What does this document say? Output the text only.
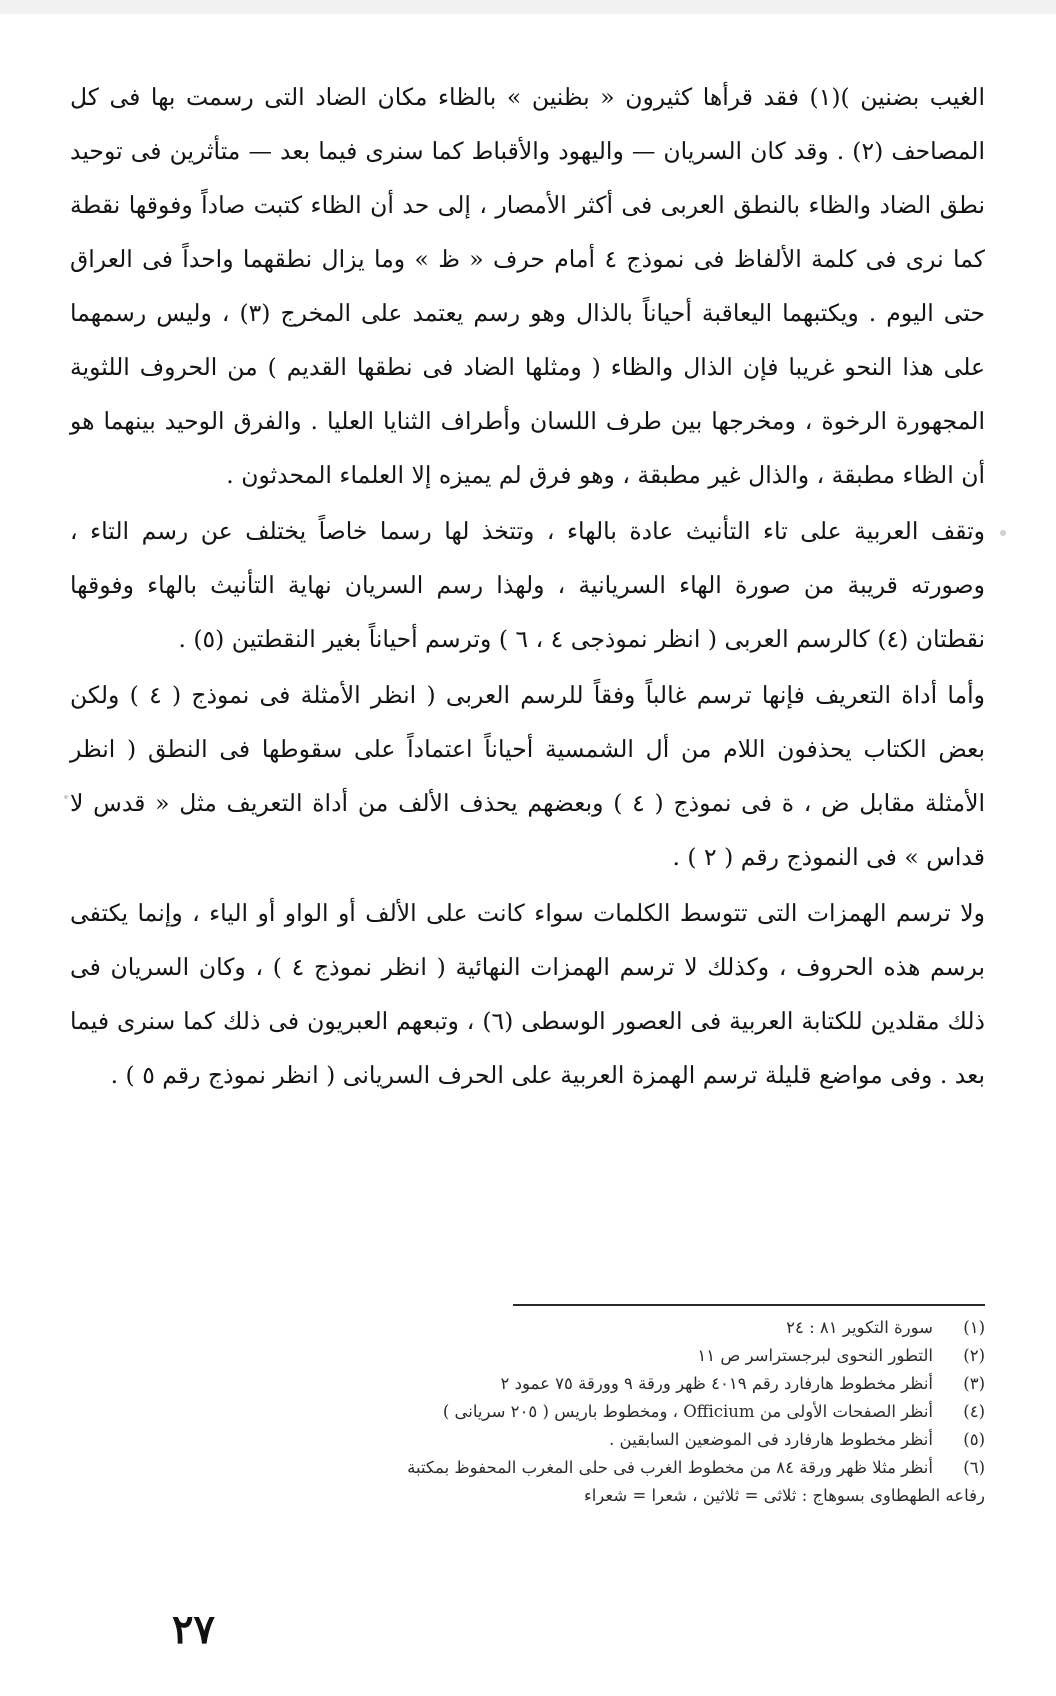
الغيب بضنين )(١) فقد قرأها كثيرون « بظنين » بالظاء مكان الضاد التى رسمت بها فى كل المصاحف (٢) . وقد كان السريان — واليهود والأقباط كما سنرى فيما بعد — متأثرين فى توحيد نطق الضاد والظاء بالنطق العربى فى أكثر الأمصار ، إلى حد أن الظاء كتبت صاداً وفوقها نقطة كما نرى فى كلمة الألفاظ فى نموذج ٤ أمام حرف « ظ » وما يزال نطقهما واحداً فى العراق حتى اليوم . ويكتبهما اليعاقبة أحياناً بالذال وهو رسم يعتمد على المخرج (٣) ، وليس رسمهما على هذا النحو غريبا فإن الذال والظاء ( ومثلها الضاد فى نطقها القديم ) من الحروف اللثوية المجهورة الرخوة ، ومخرجها بين طرف اللسان وأطراف الثنايا العليا . والفرق الوحيد بينهما هو أن الظاء مطبقة ، والذال غير مطبقة ، وهو فرق لم يميزه إلا العلماء المحدثون .

وتقف العربية على تاء التأنيث عادة بالهاء ، وتتخذ لها رسما خاصاً يختلف عن رسم التاء ، وصورته قريبة من صورة الهاء السريانية ، ولهذا رسم السريان نهاية التأنيث بالهاء وفوقها نقطتان (٤) كالرسم العربى ( انظر نموذجى ٤ ، ٦ ) وترسم أحياناً بغير النقطتين (٥) .

وأما أداة التعريف فإنها ترسم غالباً وفقاً للرسم العربى ( انظر الأمثلة فى نموذج ( ٤ ) ولكن بعض الكتاب يحذفون اللام من أل الشمسية أحياناً اعتماداً على سقوطها فى النطق ( انظر الأمثلة مقابل ض ، ة فى نموذج ( ٤ ) وبعضهم يحذف الألف من أداة التعريف مثل « قدس لا قداس » فى النموذج رقم ( ٢ ) .

ولا ترسم الهمزات التى تتوسط الكلمات سواء كانت على الألف أو الواو أو الياء ، وإنما يكتفى برسم هذه الحروف ، وكذلك لا ترسم الهمزات النهائية ( انظر نموذج ٤ ) ، وكان السريان فى ذلك مقلدين للكتابة العربية فى العصور الوسطى (٦) ، وتبعهم العبريون فى ذلك كما سنرى فيما بعد . وفى مواضع قليلة ترسم الهمزة العربية على الحرف السريانى ( انظر نموذج رقم ٥ ) .

(١)
سورة التكوير ٨١ : ٢٤
(٢)
التطور النحوى لبرجستراسر ص ١١
(٣)
أنظر مخطوط هارفارد رقم ٤٠١٩ ظهر ورقة ٩ وورقة ٧٥ عمود ٢
(٤)
أنظر الصفحات الأولى من Officium ، ومخطوط باريس ( ٢٠٥ سريانى )
(٥)
أنظر مخطوط هارفارد فى الموضعين السابقين .
(٦)
أنظر مثلا ظهر ورقة ٨٤ من مخطوط الغرب فى حلى المغرب المحفوظ بمكتبة
رفاعه الطهطاوى بسوهاج : ثلاثى = ثلاثين ، شعرا = شعراء
٢٧
